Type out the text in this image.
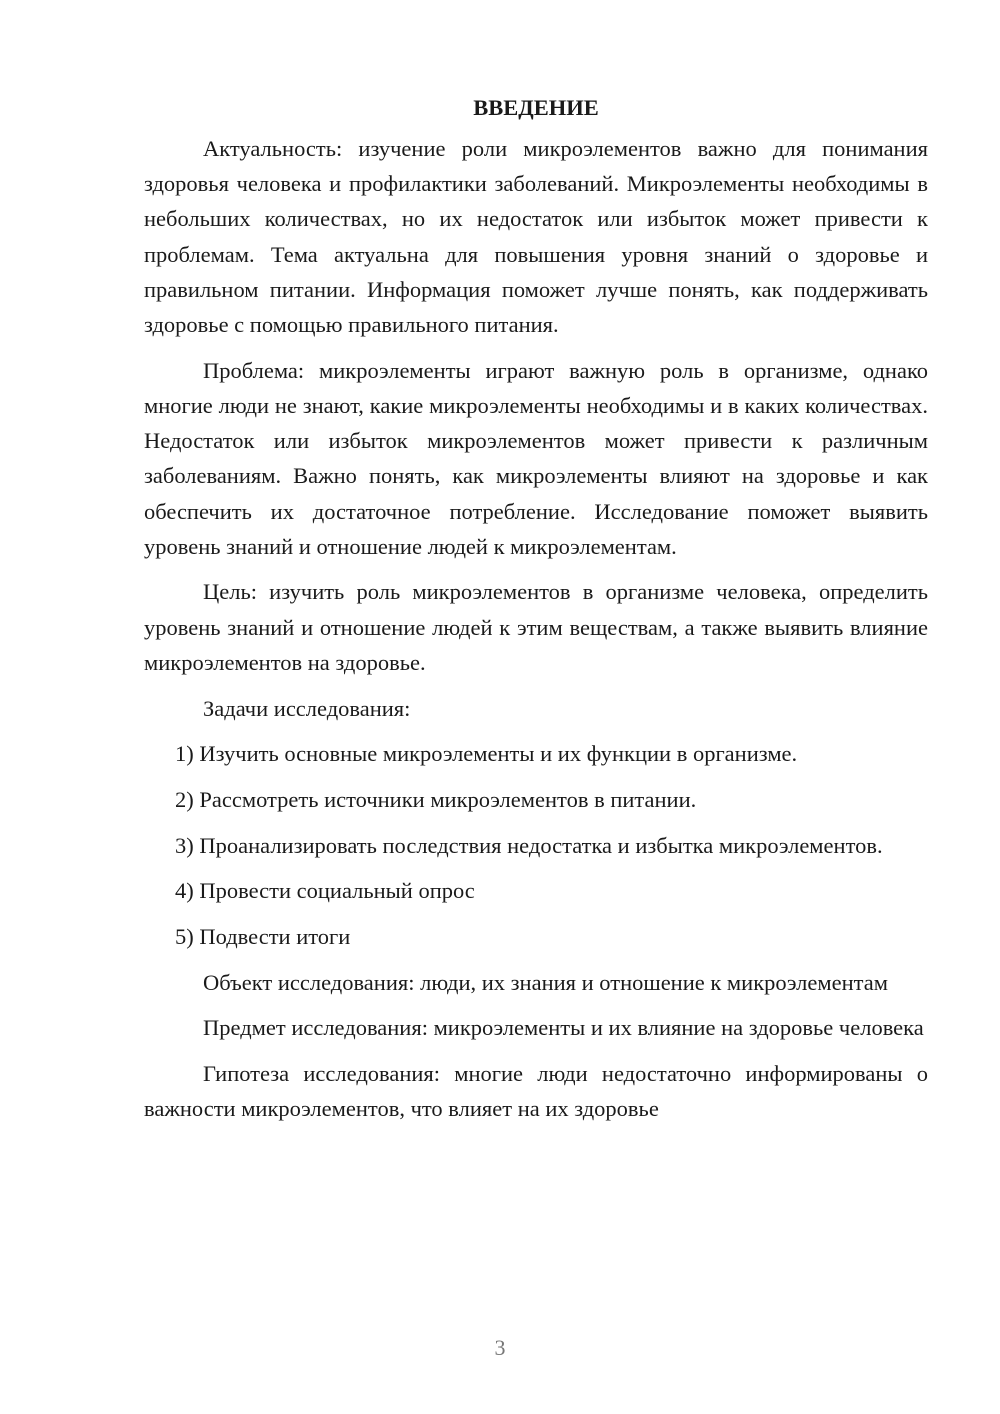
ВВЕДЕНИЕ

Актуальность: изучение роли микроэлементов важно для понимания здоровья человека и профилактики заболеваний. Микроэлементы необходимы в небольших количествах, но их недостаток или избыток может привести к проблемам. Тема актуальна для повышения уровня знаний о здоровье и правильном питании. Информация поможет лучше понять, как поддерживать здоровье с помощью правильного питания.

Проблема: микроэлементы играют важную роль в организме, однако многие люди не знают, какие микроэлементы необходимы и в каких количествах. Недостаток или избыток микроэлементов может привести к различным заболеваниям. Важно понять, как микроэлементы влияют на здоровье и как обеспечить их достаточное потребление. Исследование поможет выявить уровень знаний и отношение людей к микроэлементам.

Цель: изучить роль микроэлементов в организме человека, определить уровень знаний и отношение людей к этим веществам, а также выявить влияние микроэлементов на здоровье.

Задачи исследования:

1) Изучить основные микроэлементы и их функции в организме.

2) Рассмотреть источники микроэлементов в питании.

3) Проанализировать последствия недостатка и избытка микроэлементов.

4) Провести социальный опрос

5) Подвести итоги

Объект исследования: люди, их знания и отношение к микроэлементам

Предмет исследования: микроэлементы и их влияние на здоровье человека

Гипотеза исследования: многие люди недостаточно информированы о важности микроэлементов, что влияет на их здоровье

3
